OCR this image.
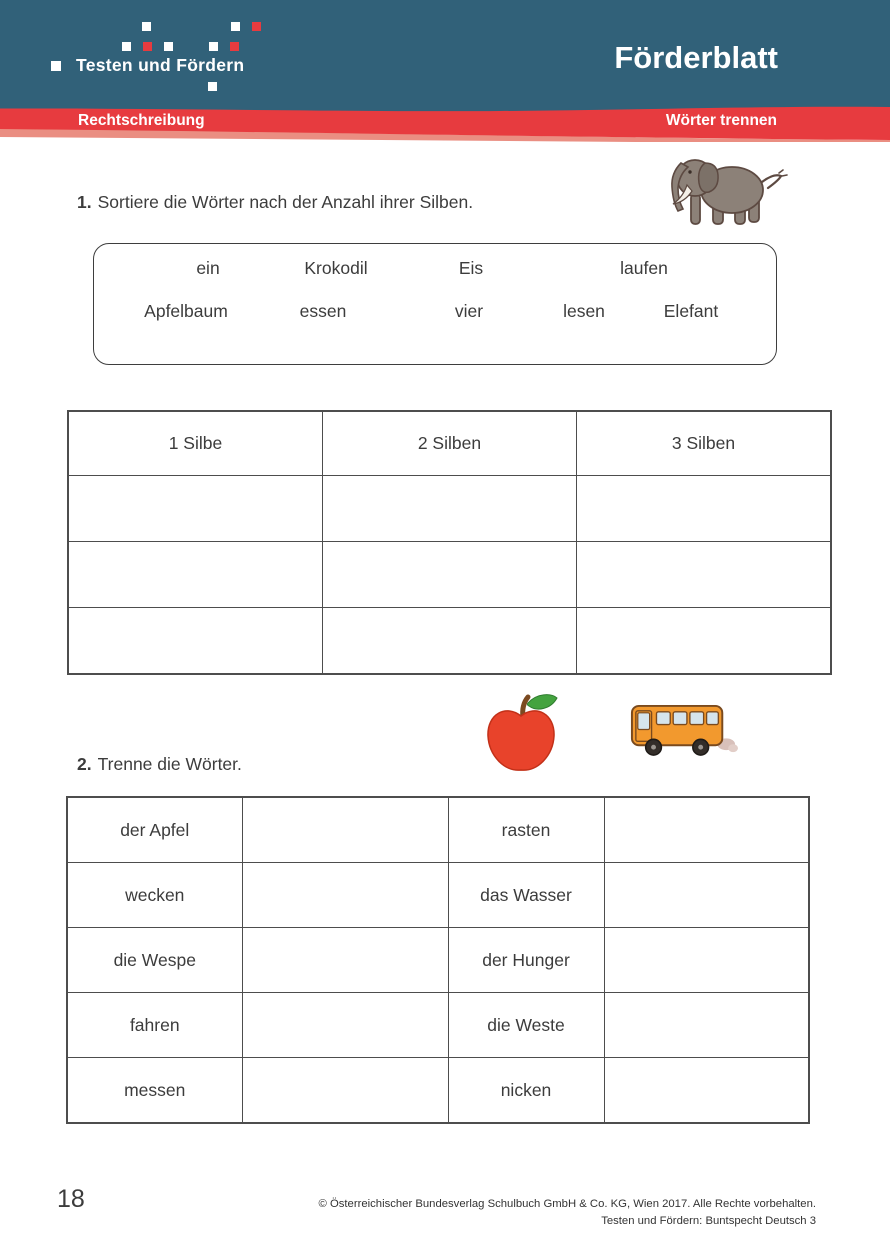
Testen und Fördern	Förderblatt
Rechtschreibung	Wörter trennen
1. Sortiere die Wörter nach der Anzahl ihrer Silben.
ein	Krokodil	Eis	laufen
Apfelbaum	essen	vier	lesen	Elefant
1 Silbe	2 Silben	3 Silben

2. Trenne die Wörter.
der Apfel		rasten	
wecken		das Wasser	
die Wespe		der Hunger	
fahren		die Weste	
messen		nicken	
18	© Österreichischer Bundesverlag Schulbuch GmbH & Co. KG, Wien 2017. Alle Rechte vorbehalten.
Testen und Fördern: Buntspecht Deutsch 3
